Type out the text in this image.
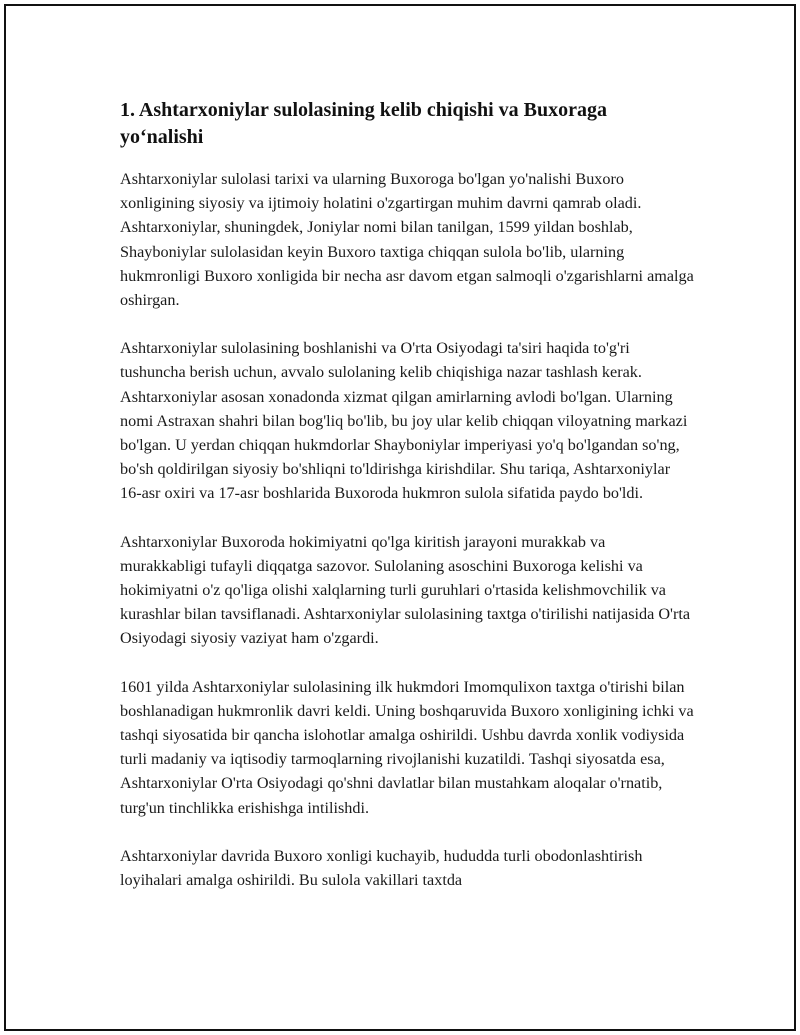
1. Ashtarxoniylar sulolasining kelib chiqishi va Buxoraga yo‘nalishi

Ashtarxoniylar sulolasi tarixi va ularning Buxoroga bo'lgan yo'nalishi Buxoro xonligining siyosiy va ijtimoiy holatini o'zgartirgan muhim davrni qamrab oladi. Ashtarxoniylar, shuningdek, Joniylar nomi bilan tanilgan, 1599 yildan boshlab, Shayboniylar sulolasidan keyin Buxoro taxtiga chiqqan sulola bo'lib, ularning hukmronligi Buxoro xonligida bir necha asr davom etgan salmoqli o'zgarishlarni amalga oshirgan.

Ashtarxoniylar sulolasining boshlanishi va O'rta Osiyodagi ta'siri haqida to'g'ri tushuncha berish uchun, avvalo sulolaning kelib chiqishiga nazar tashlash kerak. Ashtarxoniylar asosan xonadonda xizmat qilgan amirlarning avlodi bo'lgan. Ularning nomi Astraxan shahri bilan bog'liq bo'lib, bu joy ular kelib chiqqan viloyatning markazi bo'lgan. U yerdan chiqqan hukmdorlar Shayboniylar imperiyasi yo'q bo'lgandan so'ng, bo'sh qoldirilgan siyosiy bo'shliqni to'ldirishga kirishdilar. Shu tariqa, Ashtarxoniylar 16-asr oxiri va 17-asr boshlarida Buxoroda hukmron sulola sifatida paydo bo'ldi.

Ashtarxoniylar Buxoroda hokimiyatni qo'lga kiritish jarayoni murakkab va murakkabligi tufayli diqqatga sazovor. Sulolaning asoschini Buxoroga kelishi va hokimiyatni o'z qo'liga olishi xalqlarning turli guruhlari o'rtasida kelishmovchilik va kurashlar bilan tavsiflanadi. Ashtarxoniylar sulolasining taxtga o'tirilishi natijasida O'rta Osiyodagi siyosiy vaziyat ham o'zgardi.

1601 yilda Ashtarxoniylar sulolasining ilk hukmdori Imomqulixon taxtga o'tirishi bilan boshlanadigan hukmronlik davri keldi. Uning boshqaruvida Buxoro xonligining ichki va tashqi siyosatida bir qancha islohotlar amalga oshirildi. Ushbu davrda xonlik vodiysida turli madaniy va iqtisodiy tarmoqlarning rivojlanishi kuzatildi. Tashqi siyosatda esa, Ashtarxoniylar O'rta Osiyodagi qo'shni davlatlar bilan mustahkam aloqalar o'rnatib, turg'un tinchlikka erishishga intilishdi.

Ashtarxoniylar davrida Buxoro xonligi kuchayib, hududda turli obodonlashtirish loyihalari amalga oshirildi. Bu sulola vakillari taxtda
